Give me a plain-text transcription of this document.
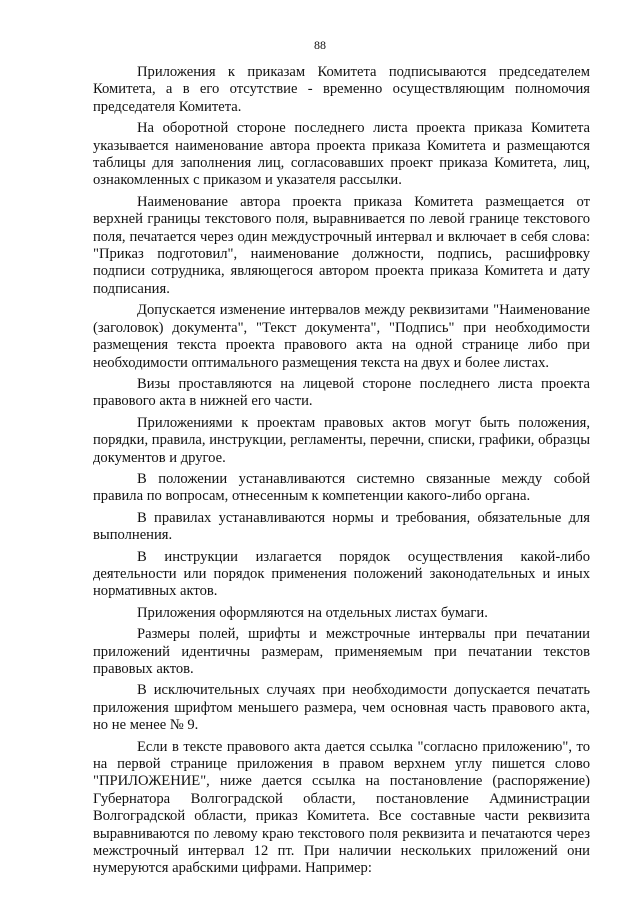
88

Приложения к приказам Комитета подписываются председателем Комитета, а в его отсутствие - временно осуществляющим полномочия председателя Комитета.

На оборотной стороне последнего листа проекта приказа Комитета указывается наименование автора проекта приказа Комитета и размещаются таблицы для заполнения лиц, согласовавших проект приказа Комитета, лиц, ознакомленных с приказом и указателя рассылки.

Наименование автора проекта приказа Комитета размещается от верхней границы текстового поля, выравнивается по левой границе текстового поля, печатается через один междустрочный интервал и включает в себя слова: "Приказ подготовил", наименование должности, подпись, расшифровку подписи сотрудника, являющегося автором проекта приказа Комитета и дату подписания.

Допускается изменение интервалов между реквизитами "Наименование (заголовок) документа", "Текст документа", "Подпись" при необходимости размещения текста проекта правового акта на одной странице либо при необходимости оптимального размещения текста на двух и более листах.

Визы проставляются на лицевой стороне последнего листа проекта правового акта в нижней его части.

Приложениями к проектам правовых актов могут быть положения, порядки, правила, инструкции, регламенты, перечни, списки, графики, образцы документов и другое.

В положении устанавливаются системно связанные между собой правила по вопросам, отнесенным к компетенции какого-либо органа.

В правилах устанавливаются нормы и требования, обязательные для выполнения.

В инструкции излагается порядок осуществления какой-либо деятельности или порядок применения положений законодательных и иных нормативных актов.

Приложения оформляются на отдельных листах бумаги.

Размеры полей, шрифты и межстрочные интервалы при печатании приложений идентичны размерам, применяемым при печатании текстов правовых актов.

В исключительных случаях при необходимости допускается печатать приложения шрифтом меньшего размера, чем основная часть правового акта, но не менее № 9.

Если в тексте правового акта дается ссылка "согласно приложению", то на первой странице приложения в правом верхнем углу пишется слово "ПРИЛОЖЕНИЕ", ниже дается ссылка на постановление (распоряжение) Губернатора Волгоградской области, постановление Администрации Волгоградской области, приказ Комитета. Все составные части реквизита выравниваются по левому краю текстового поля реквизита и печатаются через межстрочный интервал 12 пт. При наличии нескольких приложений они нумеруются арабскими цифрами. Например:
